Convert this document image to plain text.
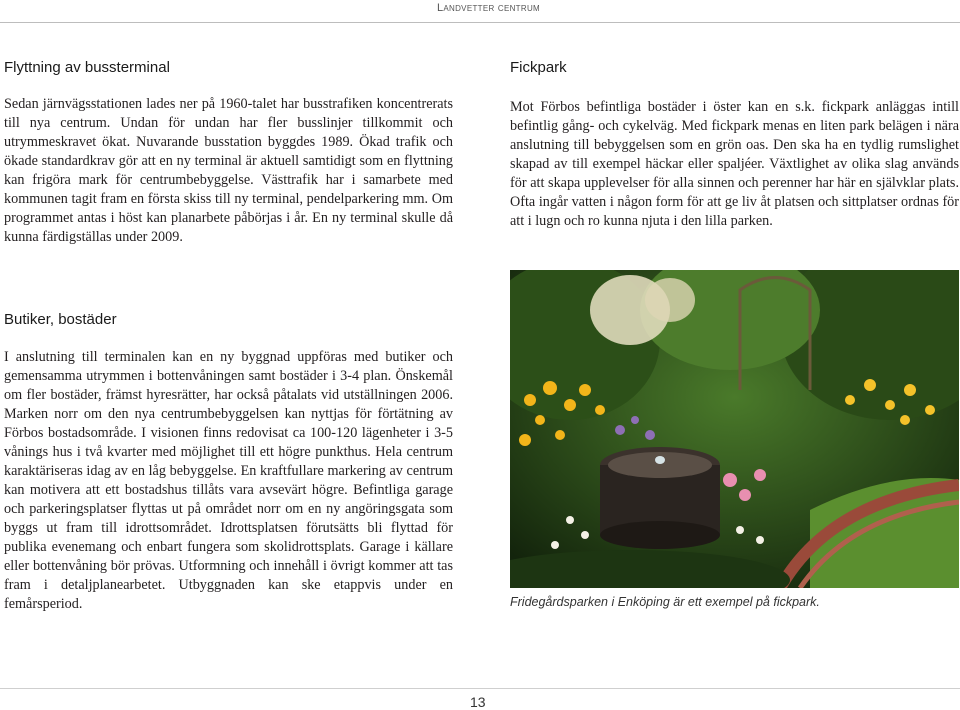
Landvetter centrum
Flyttning av bussterminal

Sedan järnvägsstationen lades ner på 1960-talet har busstrafiken koncentrerats till nya centrum. Undan för undan har fler busslinjer tillkommit och utrymmeskravet ökat. Nuvarande busstation byggdes 1989. Ökad trafik och ökade standardkrav gör att en ny terminal är aktuell samtidigt som en flyttning kan frigöra mark för centrumbebyggelse. Västtrafik har i samarbete med kommunen tagit fram en första skiss till ny terminal, pendelparkering mm. Om programmet antas i höst kan planarbete påbörjas i år. En ny terminal skulle då kunna färdigställas under 2009.

Butiker, bostäder

I anslutning till terminalen kan en ny byggnad uppföras med butiker och gemensamma utrymmen i bottenvåningen samt bostäder i 3-4 plan. Önskemål om fler bostäder, främst hyresrätter, har också påtalats vid utställningen 2006. Marken norr om den nya centrumbebyggelsen kan nyttjas för förtätning av Förbos bostadsområde. I visionen finns redovisat ca 100-120 lägenheter i 3-5 vånings hus i två kvarter med möjlighet till ett högre punkthus. Hela centrum karaktäriseras idag av en låg bebyggelse. En kraftfullare markering av centrum kan motivera att ett bostadshus tillåts vara avsevärt högre. Befintliga garage och parkeringsplatser flyttas ut på området norr om en ny angöringsgata som byggs ut fram till idrottsområdet. Idrottsplatsen förutsätts bli flyttad för publika evenemang och enbart fungera som skolidrottsplats. Garage i källare eller bottenvåning bör prövas. Utformning och innehåll i övrigt kommer att tas fram i detaljplanearbetet. Utbyggnaden kan ske etappvis under en femårsperiod.

Fickpark

Mot Förbos befintliga bostäder i öster kan en s.k. fickpark anläggas intill befintlig gång- och cykelväg. Med fickpark menas en liten park belägen i nära anslutning till bebyggelsen som en grön oas. Den ska ha en tydlig rumslighet skapad av till exempel häckar eller spaljéer. Växtlighet av olika slag används för att skapa upplevelser för alla sinnen och perenner har här en självklar plats. Ofta ingår vatten i någon form för att ge liv åt platsen och sittplatser ordnas för att i lugn och ro kunna njuta i den lilla parken.

Fridegårdsparken i Enköping är ett exempel på fickpark.
13
